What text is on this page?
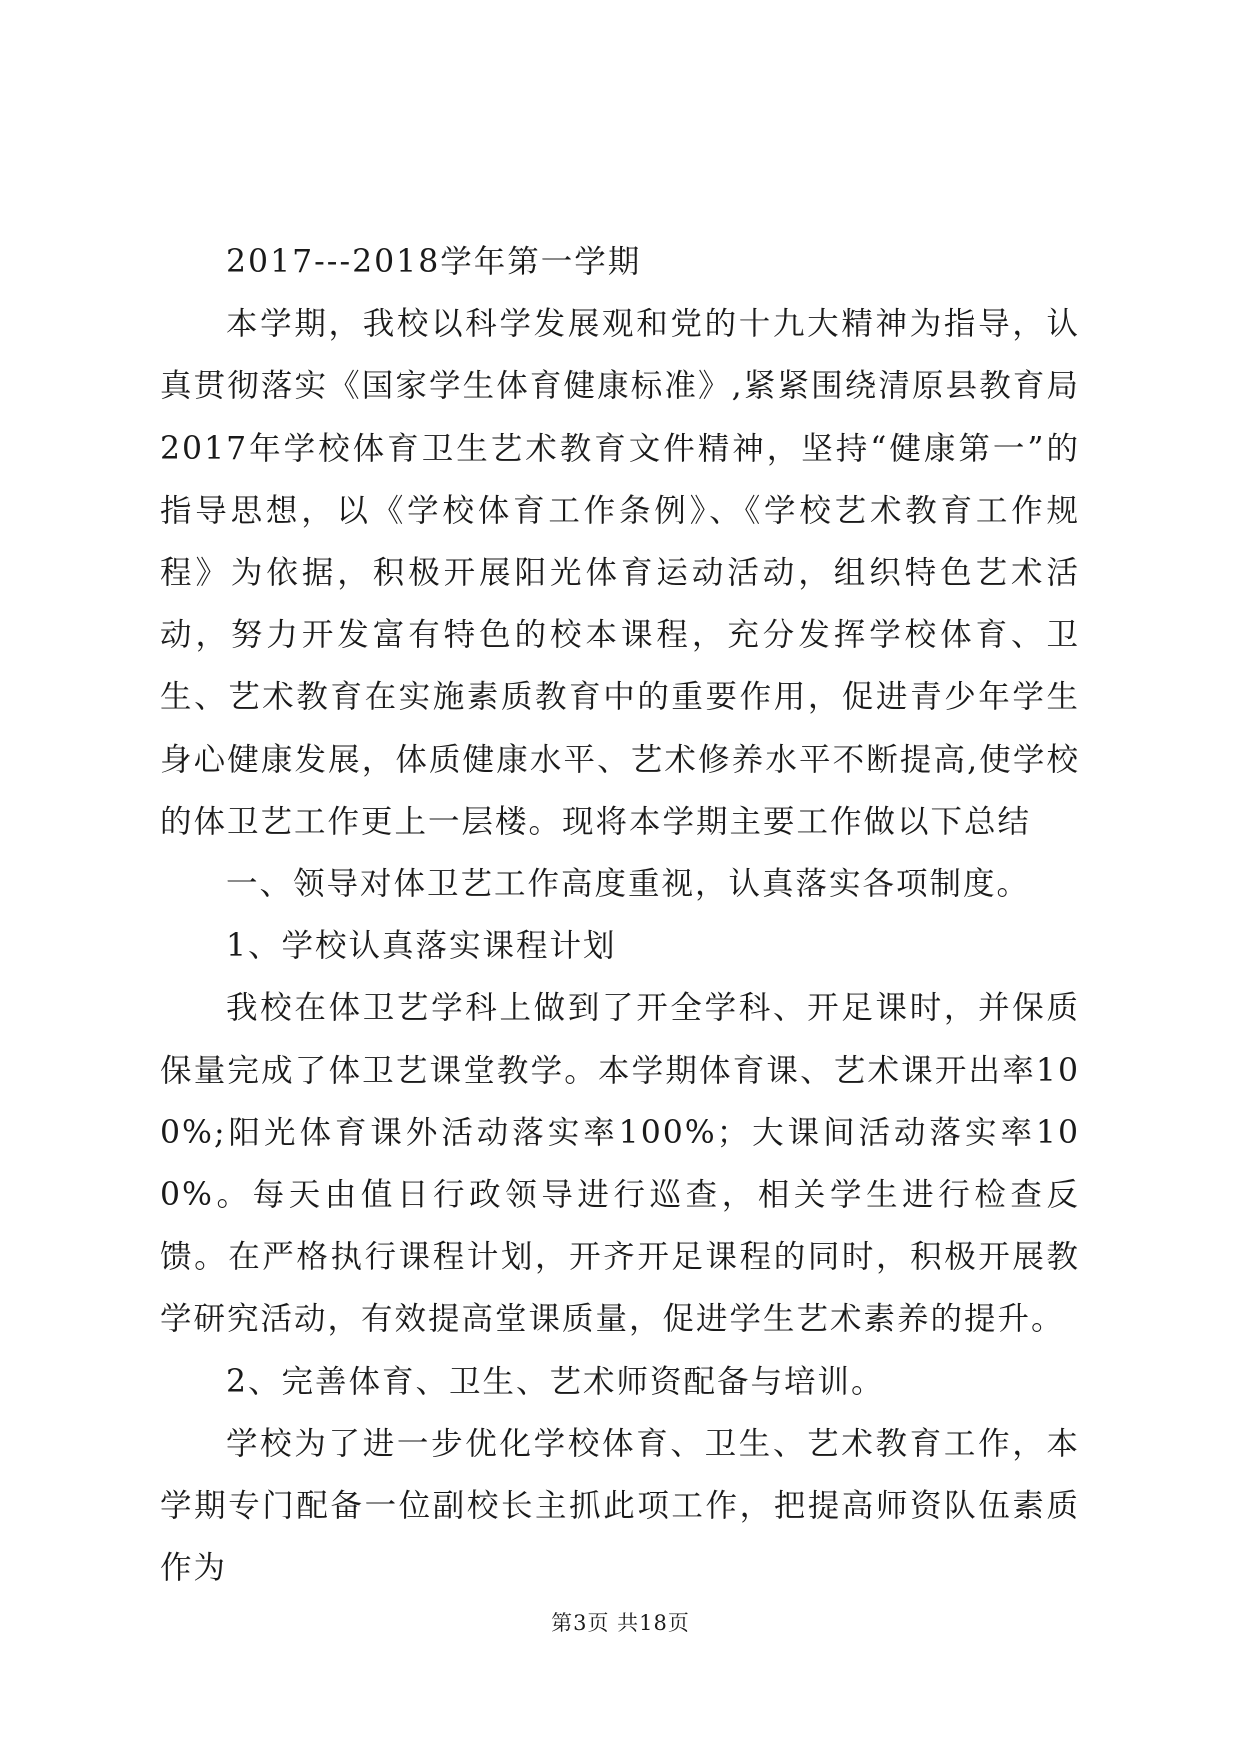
2017---2018学年第一学期

本学期，我校以科学发展观和党的十九大精神为指导，认真贯彻落实《国家学生体育健康标准》,紧紧围绕清原县教育局2017年学校体育卫生艺术教育文件精神，坚持“健康第一”的指导思想，以《学校体育工作条例》、《学校艺术教育工作规程》为依据，积极开展阳光体育运动活动，组织特色艺术活动，努力开发富有特色的校本课程，充分发挥学校体育、卫生、艺术教育在实施素质教育中的重要作用，促进青少年学生身心健康发展，体质健康水平、艺术修养水平不断提高,使学校的体卫艺工作更上一层楼。现将本学期主要工作做以下总结

一、领导对体卫艺工作高度重视，认真落实各项制度。

1、学校认真落实课程计划

我校在体卫艺学科上做到了开全学科、开足课时，并保质保量完成了体卫艺课堂教学。本学期体育课、艺术课开出率100%;阳光体育课外活动落实率100%；大课间活动落实率100%。每天由值日行政领导进行巡查，相关学生进行检查反馈。在严格执行课程计划，开齐开足课程的同时，积极开展教学研究活动，有效提高堂课质量，促进学生艺术素养的提升。

2、完善体育、卫生、艺术师资配备与培训。

学校为了进一步优化学校体育、卫生、艺术教育工作，本学期专门配备一位副校长主抓此项工作，把提高师资队伍素质作为

第3页 共18页
